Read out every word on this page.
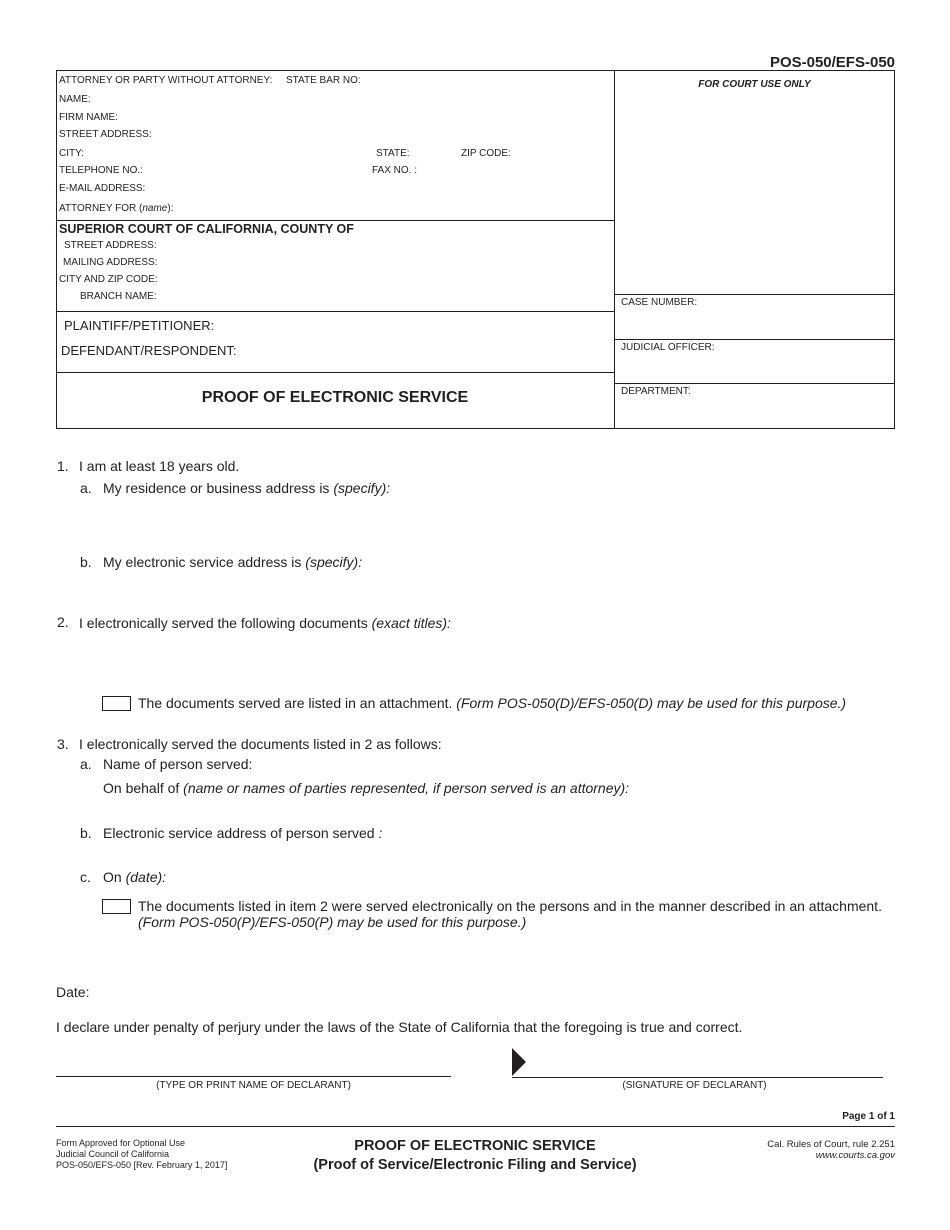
POS-050/EFS-050
ATTORNEY OR PARTY WITHOUT ATTORNEY: STATE BAR NO:
NAME:
FIRM NAME:
STREET ADDRESS:
CITY:	STATE:	ZIP CODE:
TELEPHONE NO.:	FAX NO. :
E-MAIL ADDRESS:
ATTORNEY FOR (name):
SUPERIOR COURT OF CALIFORNIA, COUNTY OF
STREET ADDRESS:
MAILING ADDRESS:
CITY AND ZIP CODE:
BRANCH NAME:
PLAINTIFF/PETITIONER:
DEFENDANT/RESPONDENT:
PROOF OF ELECTRONIC SERVICE
FOR COURT USE ONLY
CASE NUMBER:
JUDICIAL OFFICER:
DEPARTMENT:
1. I am at least 18 years old.
a. My residence or business address is (specify):
b. My electronic service address is (specify):
2. I electronically served the following documents (exact titles):
The documents served are listed in an attachment. (Form POS-050(D)/EFS-050(D) may be used for this purpose.)
3. I electronically served the documents listed in 2 as follows:
a. Name of person served:
On behalf of (name or names of parties represented, if person served is an attorney):
b. Electronic service address of person served :
c. On (date):
The documents listed in item 2 were served electronically on the persons and in the manner described in an attachment.
(Form POS-050(P)/EFS-050(P) may be used for this purpose.)
Date:
I declare under penalty of perjury under the laws of the State of California that the foregoing is true and correct.
(TYPE OR PRINT NAME OF DECLARANT)	(SIGNATURE OF DECLARANT)
Page 1 of 1
Form Approved for Optional Use
Judicial Council of California
POS-050/EFS-050 [Rev. February 1, 2017]
PROOF OF ELECTRONIC SERVICE
(Proof of Service/Electronic Filing and Service)
Cal. Rules of Court, rule 2.251
www.courts.ca.gov
